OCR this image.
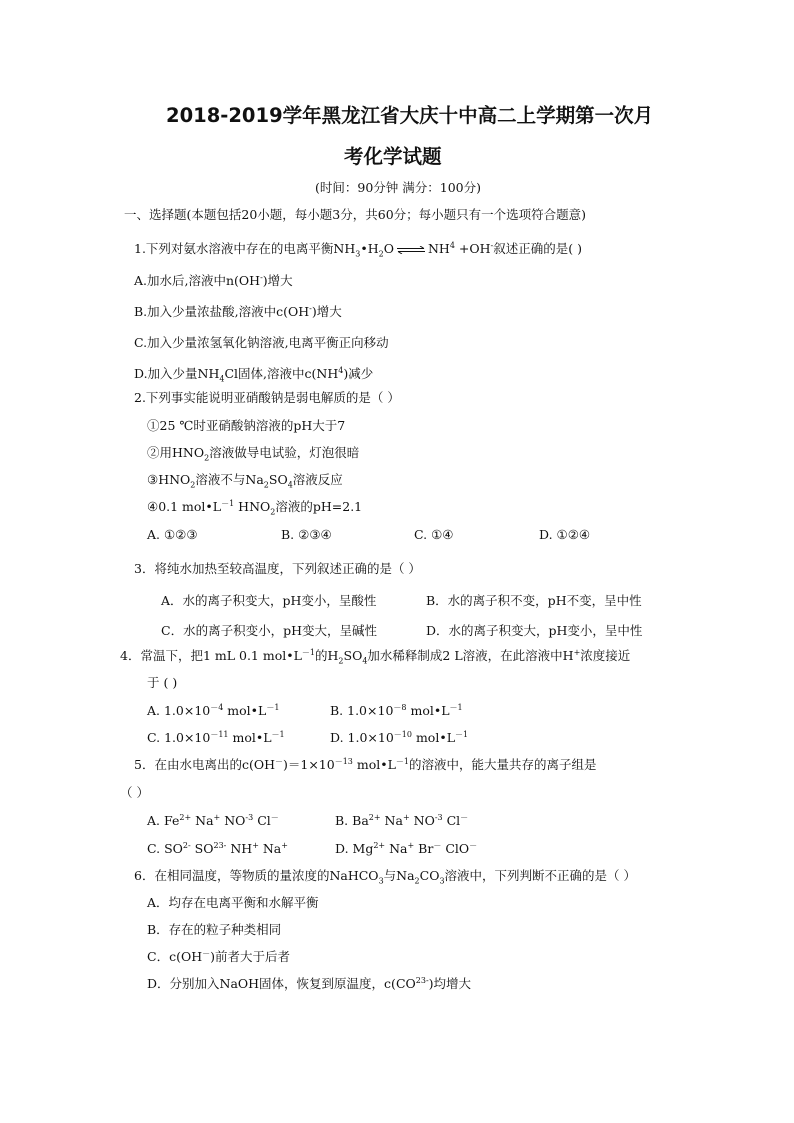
2018-2019学年黑龙江省大庆十中高二上学期第一次月
考化学试题
(时间：90分钟 满分：100分)
一、选择题(本题包括20小题，每小题3分，共60分；每小题只有一个选项符合题意)
1.下列对氨水溶液中存在的电离平衡$NH_3•H_2O$ ⇌ $NH^4 +OH^-$叙述正确的是( )
A.加水后,溶液中n(OH-)增大
B.加入少量浓盐酸,溶液中c(OH-)增大
C.加入少量浓氢氧化钠溶液,电离平衡正向移动
D.加入少量$NH_4Cl$固体,溶液中$c(NH^4)$减少
2.下列事实能说明亚硝酸钠是弱电解质的是（ ）
①25 ℃时亚硝酸钠溶液的pH大于7
②用$HNO_2$溶液做导电试验，灯泡很暗
$③HNO_2$溶液不与$Na_2SO_4$溶液反应
④0.1 $mol•L^{-1}$ $HNO_2$溶液的pH=2.1
A. ①②③	B. ②③④	C. ①④	D. ①②④
3．将纯水加热至较高温度，下列叙述正确的是（ ）
A．水的离子积变大，pH变小，呈酸性	B．水的离子积不变，pH不变，呈中性
C．水的离子积变小，pH变大，呈碱性	D．水的离子积变大，pH变小，呈中性
4．常温下，把1 mL 0.1 $mol•L^{-1}$的$H_2SO_4$加水稀释制成2 L溶液，在此溶液中H+浓度接近
于 ( )
A. $1.0\times 10^{-4}$ $mol•L^{-1}$	B. $1.0\times 10^{-8}$ $mol•L^{-1}$
C. $1.0\times 10^{-11}$ $mol•L^{-1}$	D. $1.0\times 10^{-10}$ $mol•L^{-1}$
5．在由水电离出的$c(OH^-)=1\times 10^{-13}$ $mol•L^{-1}$的溶液中，能大量共存的离子组是
（ ）
A. $Fe^{2+}$ Na+ $NO^{-3}$ Cl－	B. $Ba^{2+}$ Na+ $NO^{-3}$ Cl－
C. $SO^{2-}$ $SO^{23-}$ NH+ Na+	D. $Mg^{2+}$ Na+ Br－ ClO－
6．在相同温度，等物质的量浓度的NaHCO$_3$与$Na_2CO_3$溶液中，下列判断不正确的是（ ）
A．均存在电离平衡和水解平衡
B．存在的粒子种类相同
C．c(OH－)前者大于后者
D．分别加入NaOH固体，恢复到原温度，$c(CO^{23-})$均增大
